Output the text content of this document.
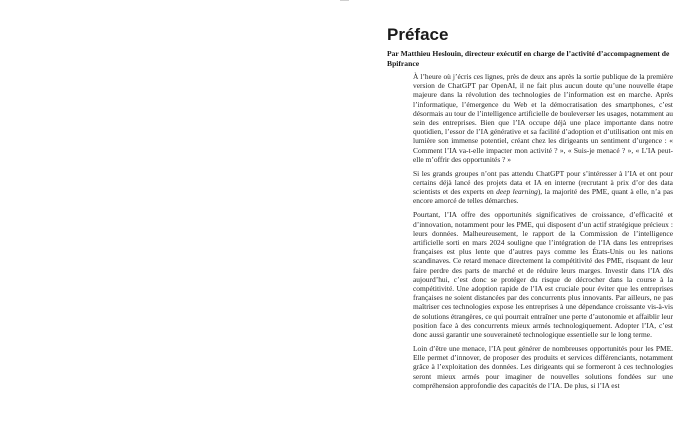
Préface

Par Matthieu Heslouin, directeur exécutif en charge de l’activité d’accompagnement de Bpifrance

À l’heure où j’écris ces lignes, près de deux ans après la sortie publique de la première version de ChatGPT par OpenAI, il ne fait plus aucun doute qu’une nouvelle étape majeure dans la révolution des technologies de l’information est en marche. Après l’informatique, l’émergence du Web et la démocratisation des smartphones, c’est désormais au tour de l’intelligence artificielle de bouleverser les usages, notamment au sein des entreprises. Bien que l’IA occupe déjà une place importante dans notre quotidien, l’essor de l’IA générative et sa facilité d’adoption et d’utilisation ont mis en lumière son immense potentiel, créant chez les dirigeants un sentiment d’urgence : « Comment l’IA va-t-elle impacter mon activité ? », « Suis-je menacé ? », « L’IA peut-elle m’offrir des opportunités ? »

Si les grands groupes n’ont pas attendu ChatGPT pour s’intéresser à l’IA et ont pour certains déjà lancé des projets data et IA en interne (recrutant à prix d’or des data scientists et des experts en deep learning), la majorité des PME, quant à elle, n’a pas encore amorcé de telles démarches.

Pourtant, l’IA offre des opportunités significatives de croissance, d’efficacité et d’innovation, notamment pour les PME, qui disposent d’un actif stratégique précieux : leurs données. Malheureusement, le rapport de la Commission de l’intelligence artificielle sorti en mars 2024 souligne que l’intégration de l’IA dans les entreprises françaises est plus lente que d’autres pays comme les États-Unis ou les nations scandinaves. Ce retard menace directement la compétitivité des PME, risquant de leur faire perdre des parts de marché et de réduire leurs marges. Investir dans l’IA dès aujourd’hui, c’est donc se protéger du risque de décrocher dans la course à la compétitivité. Une adoption rapide de l’IA est cruciale pour éviter que les entreprises françaises ne soient distancées par des concurrents plus innovants. Par ailleurs, ne pas maîtriser ces technologies expose les entreprises à une dépendance croissante vis-à-vis de solutions étrangères, ce qui pourrait entraîner une perte d’autonomie et affaiblir leur position face à des concurrents mieux armés technologiquement. Adopter l’IA, c’est donc aussi garantir une souveraineté technologique essentielle sur le long terme.

Loin d’être une menace, l’IA peut générer de nombreuses opportunités pour les PME. Elle permet d’innover, de proposer des produits et services différenciants, notamment grâce à l’exploitation des données. Les dirigeants qui se formeront à ces technologies seront mieux armés pour imaginer de nouvelles solutions fondées sur une compréhension approfondie des capacités de l’IA. De plus, si l’IA est
